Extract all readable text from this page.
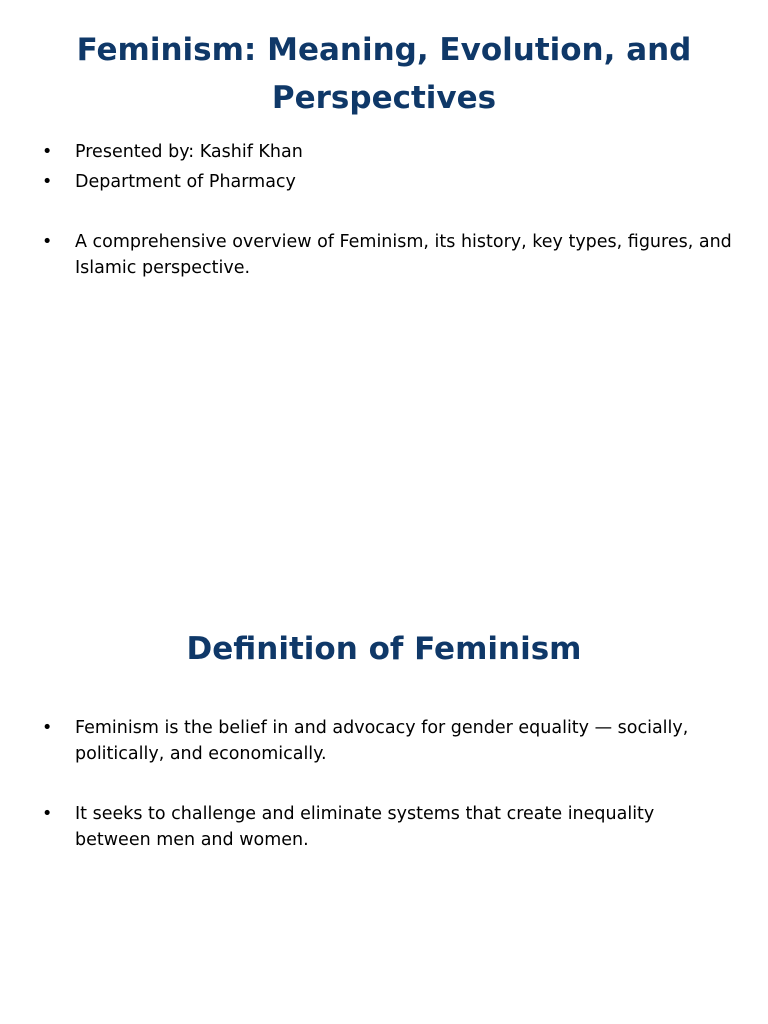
Feminism: Meaning, Evolution, and Perspectives
• Presented by: Kashif Khan
• Department of Pharmacy
• A comprehensive overview of Feminism, its history, key types, figures, and Islamic perspective.
Definition of Feminism
• Feminism is the belief in and advocacy for gender equality — socially, politically, and economically.
• It seeks to challenge and eliminate systems that create inequality between men and women.
